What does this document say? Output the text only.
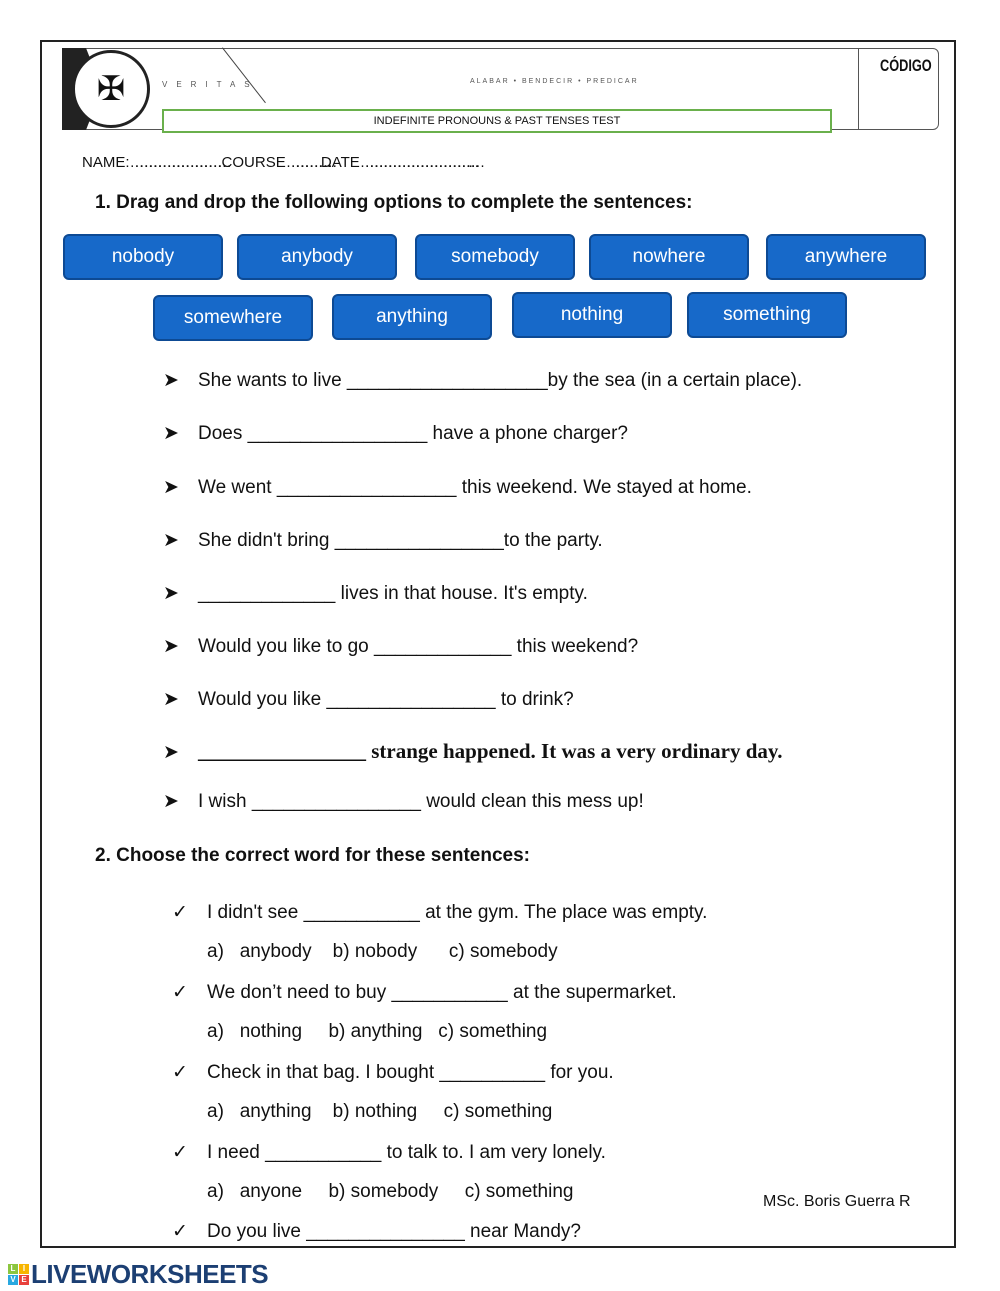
✠	VERITAS	ALABAR • BENDECIR • PREDICAR
CÓDIGO
INDEFINITE PRONOUNS & PAST TENSES TEST
NAME:……………………………………………………COURSE……………………….DATE…………………………………………………………………..
1. Drag and drop the following options to complete the sentences:
nobody	anybody	somebody	nowhere	anywhere
somewhere	anything	nothing	something
➤ She wants to live ___________________by the sea (in a certain place).
➤ Does _________________ have a phone charger?
➤ We went _________________ this weekend. We stayed at home.
➤ She didn't bring ________________to the party.
➤ _____________ lives in that house. It's empty.
➤ Would you like to go _____________ this weekend?
➤ Would you like ________________ to drink?
➤ ________________ strange happened. It was a very ordinary day.
➤ I wish ________________ would clean this mess up!
2. Choose the correct word for these sentences:
✓ I didn't see ___________ at the gym. The place was empty.
a)   anybody    b) nobody      c) somebody
✓ We don’t need to buy ___________ at the supermarket.
a)   nothing     b) anything   c) something
✓ Check in that bag. I bought __________ for you.
a)   anything    b) nothing     c) something
✓ I need ___________ to talk to. I am very lonely.
a)   anyone     b) somebody     c) something
✓ Do you live _______________ near Mandy?
MSc. Boris Guerra R
L I
V E LIVEWORKSHEETS
